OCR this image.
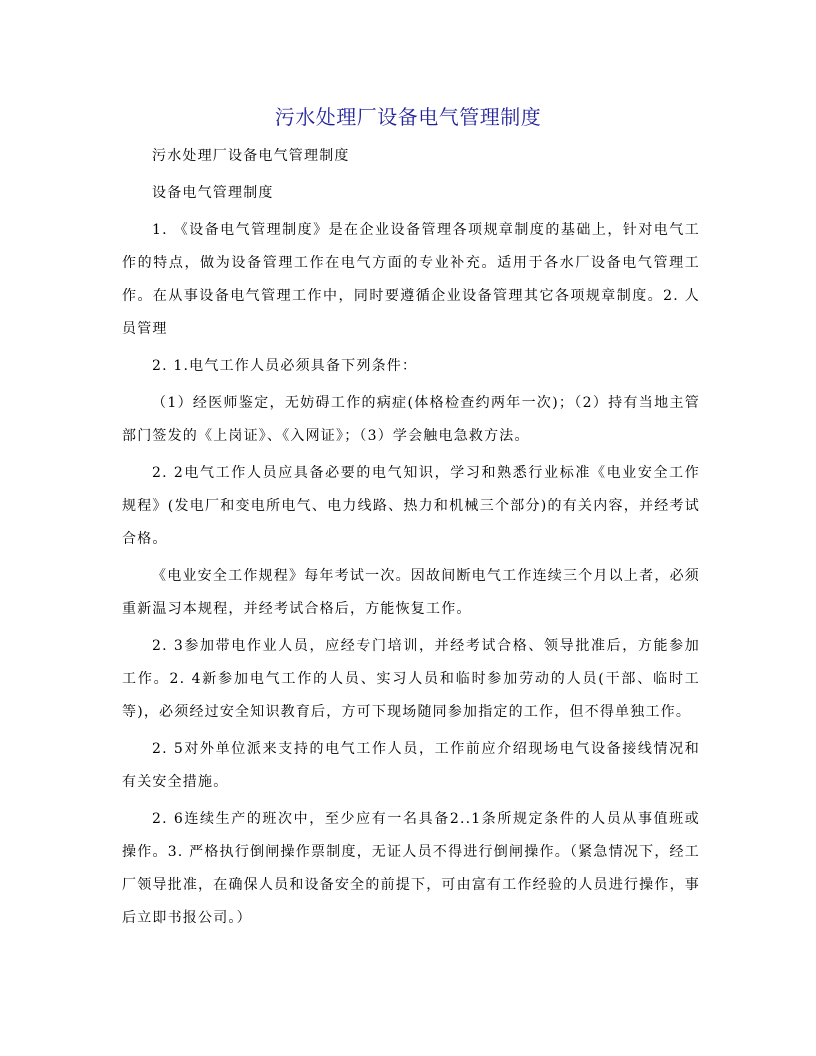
污水处理厂设备电气管理制度

污水处理厂设备电气管理制度

设备电气管理制度

1. 《设备电气管理制度》是在企业设备管理各项规章制度的基础上，针对电气工作的特点，做为设备管理工作在电气方面的专业补充。适用于各水厂设备电气管理工作。在从事设备电气管理工作中，同时要遵循企业设备管理其它各项规章制度。2. 人员管理

2. 1.电气工作人员必须具备下列条件：

（1）经医师鉴定，无妨碍工作的病症(体格检查约两年一次)；（2）持有当地主管部门签发的《上岗证》、《入网证》；（3）学会触电急救方法。

2. 2电气工作人员应具备必要的电气知识，学习和熟悉行业标准《电业安全工作规程》(发电厂和变电所电气、电力线路、热力和机械三个部分)的有关内容，并经考试合格。

《电业安全工作规程》每年考试一次。因故间断电气工作连续三个月以上者，必须重新温习本规程，并经考试合格后，方能恢复工作。

2. 3参加带电作业人员，应经专门培训，并经考试合格、领导批准后，方能参加工作。2. 4新参加电气工作的人员、实习人员和临时参加劳动的人员(干部、临时工等)，必须经过安全知识教育后，方可下现场随同参加指定的工作，但不得单独工作。

2. 5对外单位派来支持的电气工作人员，工作前应介绍现场电气设备接线情况和有关安全措施。

2. 6连续生产的班次中，至少应有一名具备2..1条所规定条件的人员从事值班或操作。3. 严格执行倒闸操作票制度，无证人员不得进行倒闸操作。（紧急情况下，经工厂领导批准，在确保人员和设备安全的前提下，可由富有工作经验的人员进行操作，事后立即书报公司。）
